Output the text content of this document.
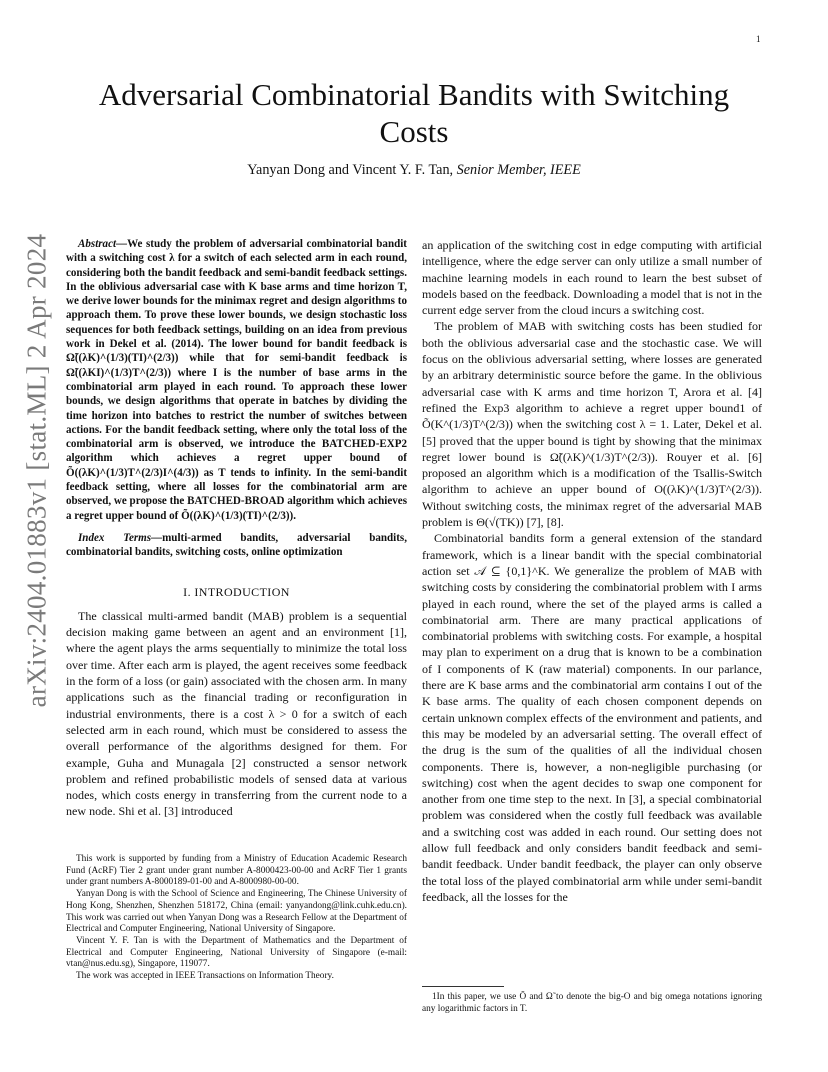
1
arXiv:2404.01883v1 [stat.ML] 2 Apr 2024
Adversarial Combinatorial Bandits with Switching Costs
Yanyan Dong and Vincent Y. F. Tan, Senior Member, IEEE

Abstract—We study the problem of adversarial combinatorial bandit with a switching cost λ for a switch of each selected arm in each round, considering both the bandit feedback and semi-bandit feedback settings. In the oblivious adversarial case with K base arms and time horizon T, we derive lower bounds for the minimax regret and design algorithms to approach them. To prove these lower bounds, we design stochastic loss sequences for both feedback settings, building on an idea from previous work in Dekel et al. (2014). The lower bound for bandit feedback is Ω̃((λK)^(1/3)(TI)^(2/3)) while that for semi-bandit feedback is Ω̃((λKI)^(1/3)T^(2/3)) where I is the number of base arms in the combinatorial arm played in each round. To approach these lower bounds, we design algorithms that operate in batches by dividing the time horizon into batches to restrict the number of switches between actions. For the bandit feedback setting, where only the total loss of the combinatorial arm is observed, we introduce the BATCHED-EXP2 algorithm which achieves a regret upper bound of Õ((λK)^(1/3)T^(2/3)I^(4/3)) as T tends to infinity. In the semi-bandit feedback setting, where all losses for the combinatorial arm are observed, we propose the BATCHED-BROAD algorithm which achieves a regret upper bound of Õ((λK)^(1/3)(TI)^(2/3)).

Index Terms—multi-armed bandits, adversarial bandits, combinatorial bandits, switching costs, online optimization

I. INTRODUCTION

The classical multi-armed bandit (MAB) problem is a sequential decision making game between an agent and an environment [1], where the agent plays the arms sequentially to minimize the total loss over time. After each arm is played, the agent receives some feedback in the form of a loss (or gain) associated with the chosen arm. In many applications such as the financial trading or reconfiguration in industrial environments, there is a cost λ > 0 for a switch of each selected arm in each round, which must be considered to assess the overall performance of the algorithms designed for them. For example, Guha and Munagala [2] constructed a sensor network problem and refined probabilistic models of sensed data at various nodes, which costs energy in transferring from the current node to a new node. Shi et al. [3] introduced

This work is supported by funding from a Ministry of Education Academic Research Fund (AcRF) Tier 2 grant under grant number A-8000423-00-00 and AcRF Tier 1 grants under grant numbers A-8000189-01-00 and A-8000980-00-00.

Yanyan Dong is with the School of Science and Engineering, The Chinese University of Hong Kong, Shenzhen, Shenzhen 518172, China (email: yanyandong@link.cuhk.edu.cn). This work was carried out when Yanyan Dong was a Research Fellow at the Department of Electrical and Computer Engineering, National University of Singapore.

Vincent Y. F. Tan is with the Department of Mathematics and the Department of Electrical and Computer Engineering, National University of Singapore (e-mail: vtan@nus.edu.sg), Singapore, 119077.

The work was accepted in IEEE Transactions on Information Theory.

an application of the switching cost in edge computing with artificial intelligence, where the edge server can only utilize a small number of machine learning models in each round to learn the best subset of models based on the feedback. Downloading a model that is not in the current edge server from the cloud incurs a switching cost.

The problem of MAB with switching costs has been studied for both the oblivious adversarial case and the stochastic case. We will focus on the oblivious adversarial setting, where losses are generated by an arbitrary deterministic source before the game. In the oblivious adversarial case with K arms and time horizon T, Arora et al. [4] refined the Exp3 algorithm to achieve a regret upper bound1 of Õ(K^(1/3)T^(2/3)) when the switching cost λ = 1. Later, Dekel et al. [5] proved that the upper bound is tight by showing that the minimax regret lower bound is Ω̃((λK)^(1/3)T^(2/3)). Rouyer et al. [6] proposed an algorithm which is a modification of the Tsallis-Switch algorithm to achieve an upper bound of O((λK)^(1/3)T^(2/3)). Without switching costs, the minimax regret of the adversarial MAB problem is Θ(√(TK)) [7], [8].

Combinatorial bandits form a general extension of the standard framework, which is a linear bandit with the special combinatorial action set 𝒜 ⊆ {0,1}^K. We generalize the problem of MAB with switching costs by considering the combinatorial problem with I arms played in each round, where the set of the played arms is called a combinatorial arm. There are many practical applications of combinatorial problems with switching costs. For example, a hospital may plan to experiment on a drug that is known to be a combination of I components of K (raw material) components. In our parlance, there are K base arms and the combinatorial arm contains I out of the K base arms. The quality of each chosen component depends on certain unknown complex effects of the environment and patients, and this may be modeled by an adversarial setting. The overall effect of the drug is the sum of the qualities of all the individual chosen components. There is, however, a non-negligible purchasing (or switching) cost when the agent decides to swap one component for another from one time step to the next. In [3], a special combinatorial problem was considered when the costly full feedback was available and a switching cost was added in each round. Our setting does not allow full feedback and only considers bandit feedback and semi-bandit feedback. Under bandit feedback, the player can only observe the total loss of the played combinatorial arm while under semi-bandit feedback, all the losses for the

1In this paper, we use Õ and Ω̃ to denote the big-O and big omega notations ignoring any logarithmic factors in T.
